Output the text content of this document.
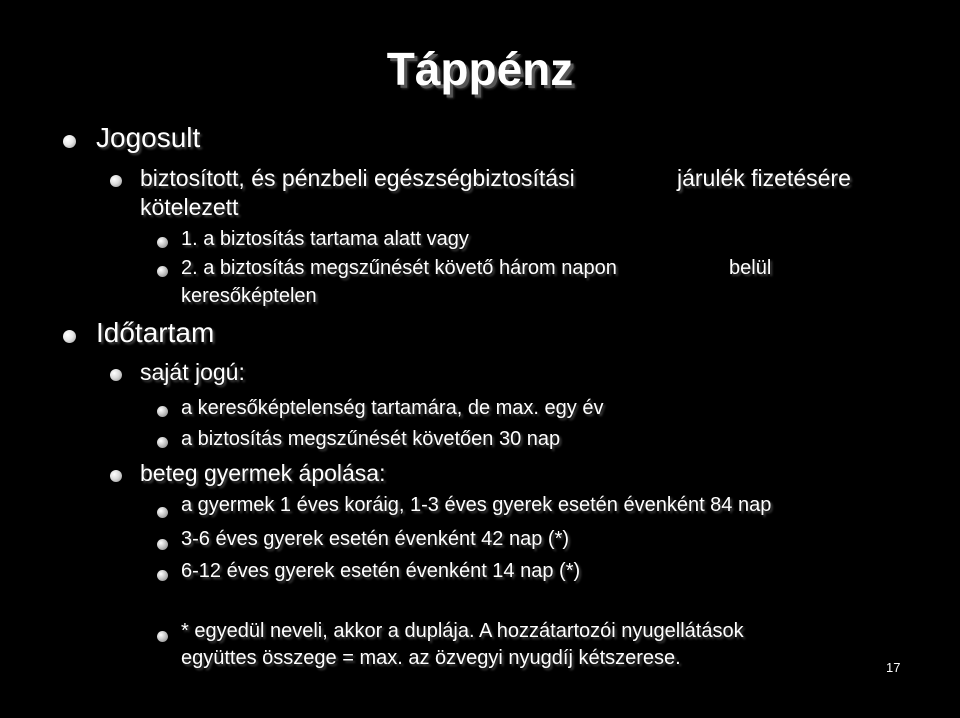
Táppénz
Jogosult
biztosított, és pénzbeli egészségbiztosítási	járulék fizetésére
kötelezett
1. a biztosítás tartama alatt vagy
2. a biztosítás megszűnését követő három napon	belül
keresőképtelen
Időtartam
saját jogú:
a keresőképtelenség tartamára, de max. egy év
a biztosítás megszűnését követően 30 nap
beteg gyermek ápolása:
a gyermek 1 éves koráig, 1-3 éves gyerek esetén évenként 84 nap
3-6 éves gyerek esetén évenként 42 nap (*)
6-12 éves gyerek esetén évenként 14 nap (*)
* egyedül neveli, akkor a duplája. A hozzátartozói nyugellátások
együttes összege = max. az özvegyi nyugdíj kétszerese.	17
